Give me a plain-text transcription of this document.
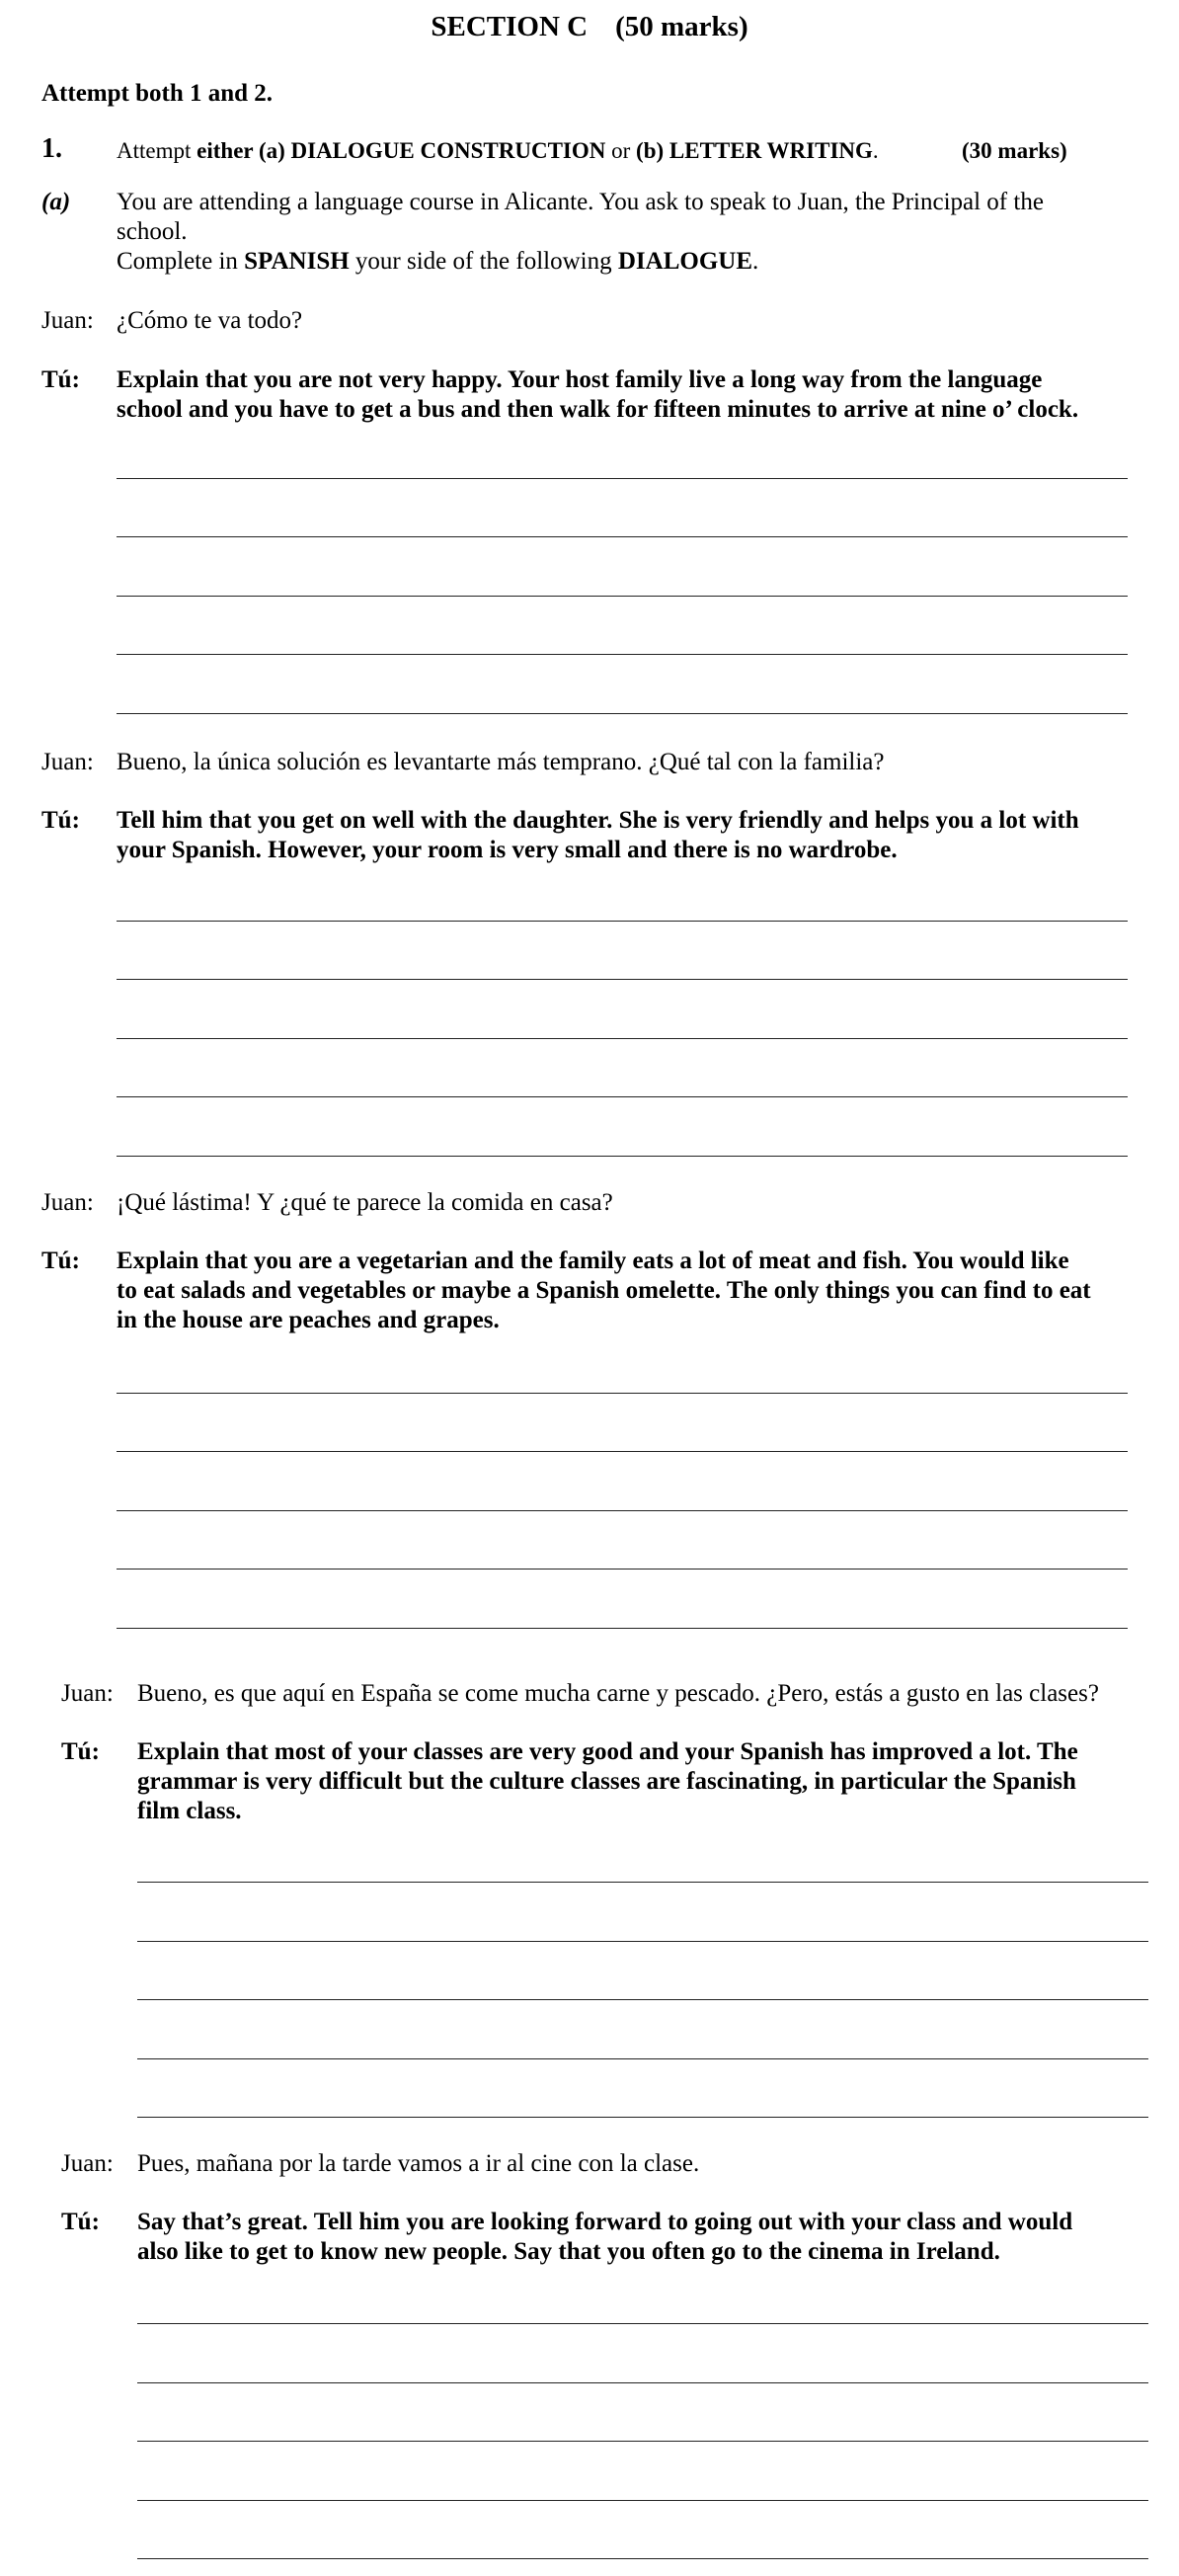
SECTION C (50 marks)
Attempt both 1 and 2.
1. Attempt either (a) DIALOGUE CONSTRUCTION or (b) LETTER WRITING.	(30 marks)
(a) You are attending a language course in Alicante. You ask to speak to Juan, the Principal of the
school.
Complete in SPANISH your side of the following DIALOGUE.
Juan: ¿Cómo te va todo?
Tú: Explain that you are not very happy. Your host family live a long way from the language
school and you have to get a bus and then walk for fifteen minutes to arrive at nine o’ clock.
Juan: Bueno, la única solución es levantarte más temprano. ¿Qué tal con la familia?
Tú: Tell him that you get on well with the daughter. She is very friendly and helps you a lot with
your Spanish. However, your room is very small and there is no wardrobe.
Juan: ¡Qué lástima! Y ¿qué te parece la comida en casa?
Tú: Explain that you are a vegetarian and the family eats a lot of meat and fish. You would like
to eat salads and vegetables or maybe a Spanish omelette. The only things you can find to eat
in the house are peaches and grapes.
Juan: Bueno, es que aquí en España se come mucha carne y pescado. ¿Pero, estás a gusto en las clases?
Tú: Explain that most of your classes are very good and your Spanish has improved a lot. The
grammar is very difficult but the culture classes are fascinating, in particular the Spanish
film class.
Juan: Pues, mañana por la tarde vamos a ir al cine con la clase.
Tú: Say that’s great. Tell him you are looking forward to going out with your class and would
also like to get to know new people. Say that you often go to the cinema in Ireland.
